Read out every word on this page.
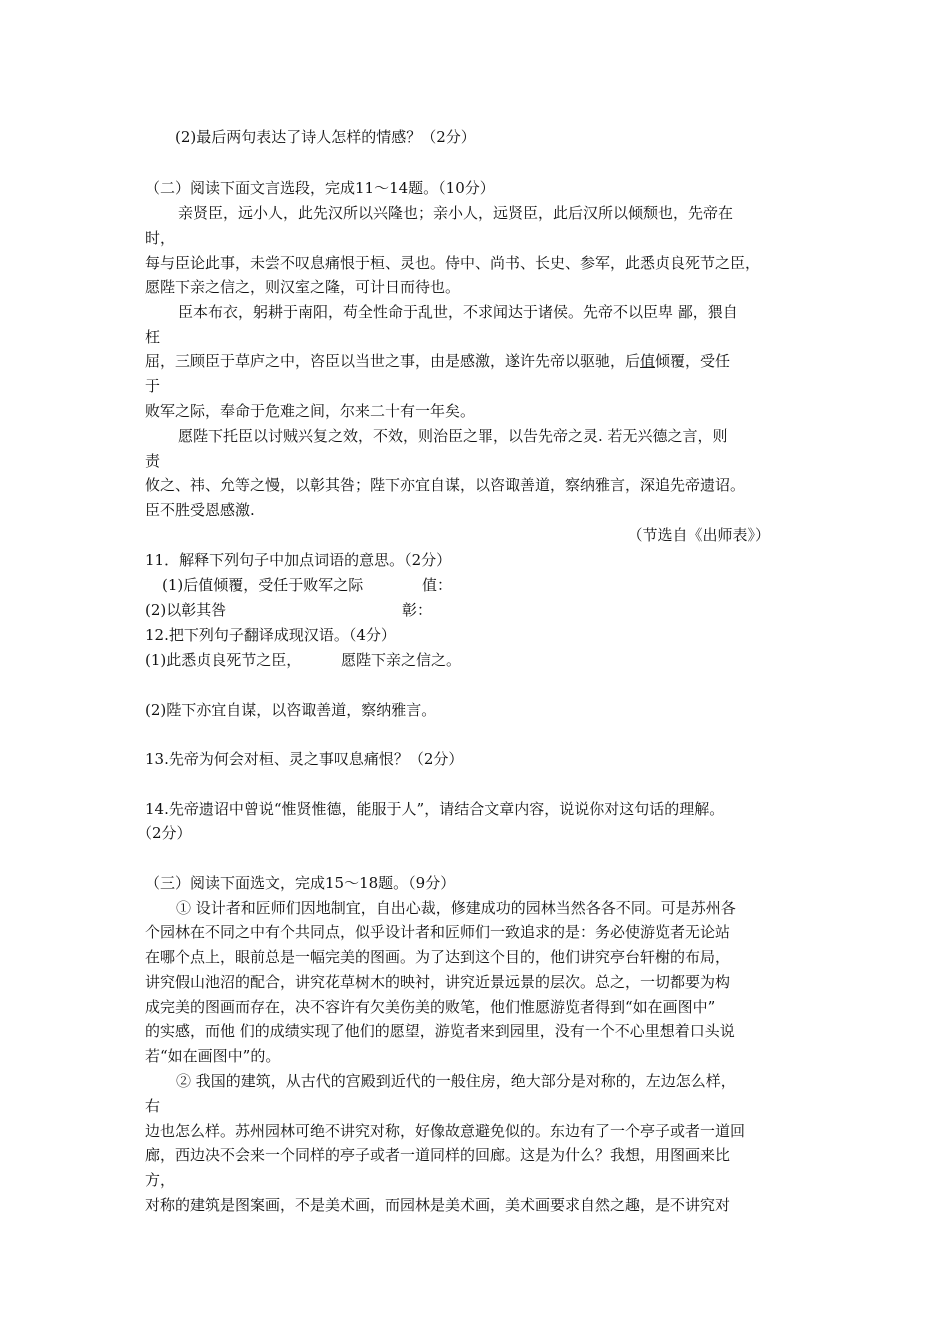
(2)最后两句表达了诗人怎样的情感？（2分）
（二）阅读下面文言选段，完成11～14题。（10分）
亲贤臣，远小人，此先汉所以兴隆也；亲小人，远贤臣，此后汉所以倾颓也，先帝在
时，
每与臣论此事，未尝不叹息痛恨于桓、灵也。侍中、尚书、长史、参军，此悉贞良死节之臣，
愿陛下亲之信之，则汉室之隆，可计日而待也。
臣本布衣，躬耕于南阳，苟全性命于乱世，不求闻达于诸侯。先帝不以臣卑 鄙，猥自
枉
屈，三顾臣于草庐之中，咨臣以当世之事，由是感激，遂许先帝以驱驰，后值倾覆，受任
于
败军之际，奉命于危难之间，尔来二十有一年矣。
愿陛下托臣以讨贼兴复之效，不效，则治臣之罪，以告先帝之灵. 若无兴德之言，则
责
攸之、祎、允等之慢，以彰其咎；陛下亦宜自谋，以咨诹善道，察纳雅言，深追先帝遗诏。
臣不胜受恩感激.
（节选自《出师表》）
11．解释下列句子中加点词语的意思。（2分）
(1)后值倾覆，受任于败军之际	值：
(2)以彰其咎	彰：
12.把下列句子翻译成现汉语。（4分）
(1)此悉贞良死节之臣，	愿陛下亲之信之。
(2)陛下亦宜自谋，以咨诹善道，察纳雅言。
13.先帝为何会对桓、灵之事叹息痛恨？（2分）
14.先帝遗诏中曾说“惟贤惟德，能服于人”，请结合文章内容，说说你对这句话的理解。
（2分）
（三）阅读下面选文，完成15～18题。（9分）
① 设计者和匠师们因地制宜，自出心裁，修建成功的园林当然各各不同。可是苏州各
个园林在不同之中有个共同点，似乎设计者和匠师们一致追求的是：务必使游览者无论站
在哪个点上，眼前总是一幅完美的图画。为了达到这个目的，他们讲究亭台轩榭的布局，
讲究假山池沼的配合，讲究花草树木的映衬，讲究近景远景的层次。总之，一切都要为构
成完美的图画而存在，决不容许有欠美伤美的败笔，他们惟愿游览者得到“如在画图中”
的实感，而他 们的成绩实现了他们的愿望，游览者来到园里，没有一个不心里想着口头说
若“如在画图中”的。
② 我国的建筑，从古代的宫殿到近代的一般住房，绝大部分是对称的，左边怎么样，
右
边也怎么样。苏州园林可绝不讲究对称，好像故意避免似的。东边有了一个亭子或者一道回
廊，西边决不会来一个同样的亭子或者一道同样的回廊。这是为什么？我想，用图画来比
方，
对称的建筑是图案画，不是美术画，而园林是美术画，美术画要求自然之趣，是不讲究对
